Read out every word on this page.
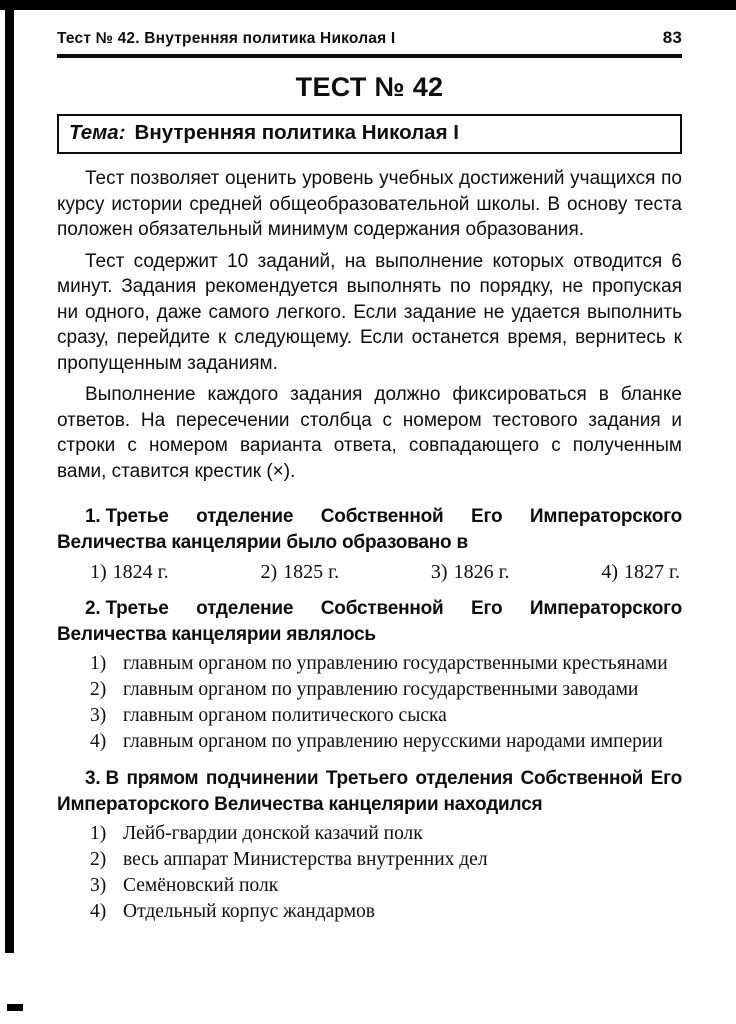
Тест № 42. Внутренняя политика Николая I	83
ТЕСТ № 42
Тема: Внутренняя политика Николая I

Тест позволяет оценить уровень учебных достижений учащихся по курсу истории средней общеобразовательной школы. В основу теста положен обязательный минимум содержания образования.

Тест содержит 10 заданий, на выполнение которых отводится 6 минут. Задания рекомендуется выполнять по порядку, не пропуская ни одного, даже самого легкого. Если задание не удается выполнить сразу, перейдите к следующему. Если останется время, вернитесь к пропущенным заданиям.

Выполнение каждого задания должно фиксироваться в бланке ответов. На пересечении столбца с номером тестового задания и строки с номером варианта ответа, совпадающего с полученным вами, ставится крестик (×).

1. Третье отделение Собственной Его Императорского Величества канцелярии было образовано в

1) 1824 г.	2) 1825 г.	3) 1826 г.	4) 1827 г.

2. Третье отделение Собственной Его Императорского Величества канцелярии являлось

1) главным органом по управлению государственными крестьянами
2) главным органом по управлению государственными заводами
3) главным органом политического сыска
4) главным органом по управлению нерусскими народами империи

3. В прямом подчинении Третьего отделения Собственной Его Императорского Величества канцелярии находился

1) Лейб-гвардии донской казачий полк
2) весь аппарат Министерства внутренних дел
3) Семёновский полк
4) Отдельный корпус жандармов
